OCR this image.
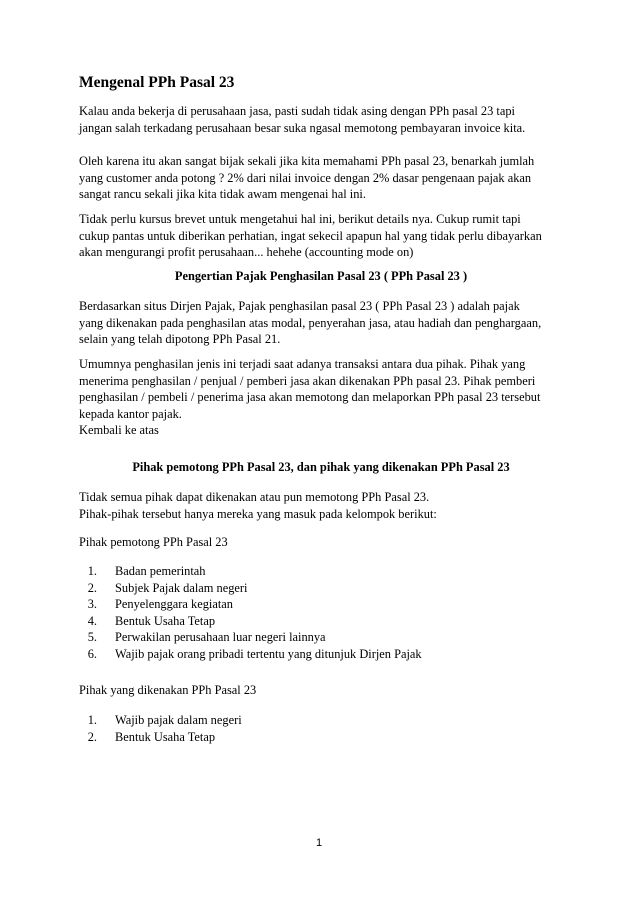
Mengenal PPh Pasal 23

Kalau anda bekerja di perusahaan jasa, pasti sudah tidak asing dengan PPh pasal 23 tapi
jangan salah terkadang perusahaan besar suka ngasal memotong pembayaran invoice kita.

Oleh karena itu akan sangat bijak sekali jika kita memahami PPh pasal 23, benarkah jumlah
yang customer anda potong ? 2% dari nilai invoice dengan 2% dasar pengenaan pajak akan
sangat rancu sekali jika kita tidak awam mengenai hal ini.

Tidak perlu kursus brevet untuk mengetahui hal ini, berikut details nya. Cukup rumit tapi
cukup pantas untuk diberikan perhatian, ingat sekecil apapun hal yang tidak perlu dibayarkan
akan mengurangi profit perusahaan... hehehe (accounting mode on)

Pengertian Pajak Penghasilan Pasal 23 ( PPh Pasal 23 )

Berdasarkan situs Dirjen Pajak, Pajak penghasilan pasal 23 ( PPh Pasal 23 ) adalah pajak
yang dikenakan pada penghasilan atas modal, penyerahan jasa, atau hadiah dan penghargaan,
selain yang telah dipotong PPh Pasal 21.

Umumnya penghasilan jenis ini terjadi saat adanya transaksi antara dua pihak. Pihak yang
menerima penghasilan / penjual / pemberi jasa akan dikenakan PPh pasal 23. Pihak pemberi
penghasilan / pembeli / penerima jasa akan memotong dan melaporkan PPh pasal 23 tersebut
kepada kantor pajak.
Kembali ke atas

Pihak pemotong PPh Pasal 23, dan pihak yang dikenakan PPh Pasal 23

Tidak semua pihak dapat dikenakan atau pun memotong PPh Pasal 23.
Pihak-pihak tersebut hanya mereka yang masuk pada kelompok berikut:

Pihak pemotong PPh Pasal 23

1. Badan pemerintah
2. Subjek Pajak dalam negeri
3. Penyelenggara kegiatan
4. Bentuk Usaha Tetap
5. Perwakilan perusahaan luar negeri lainnya
6. Wajib pajak orang pribadi tertentu yang ditunjuk Dirjen Pajak

Pihak yang dikenakan PPh Pasal 23

1. Wajib pajak dalam negeri
2. Bentuk Usaha Tetap
1
